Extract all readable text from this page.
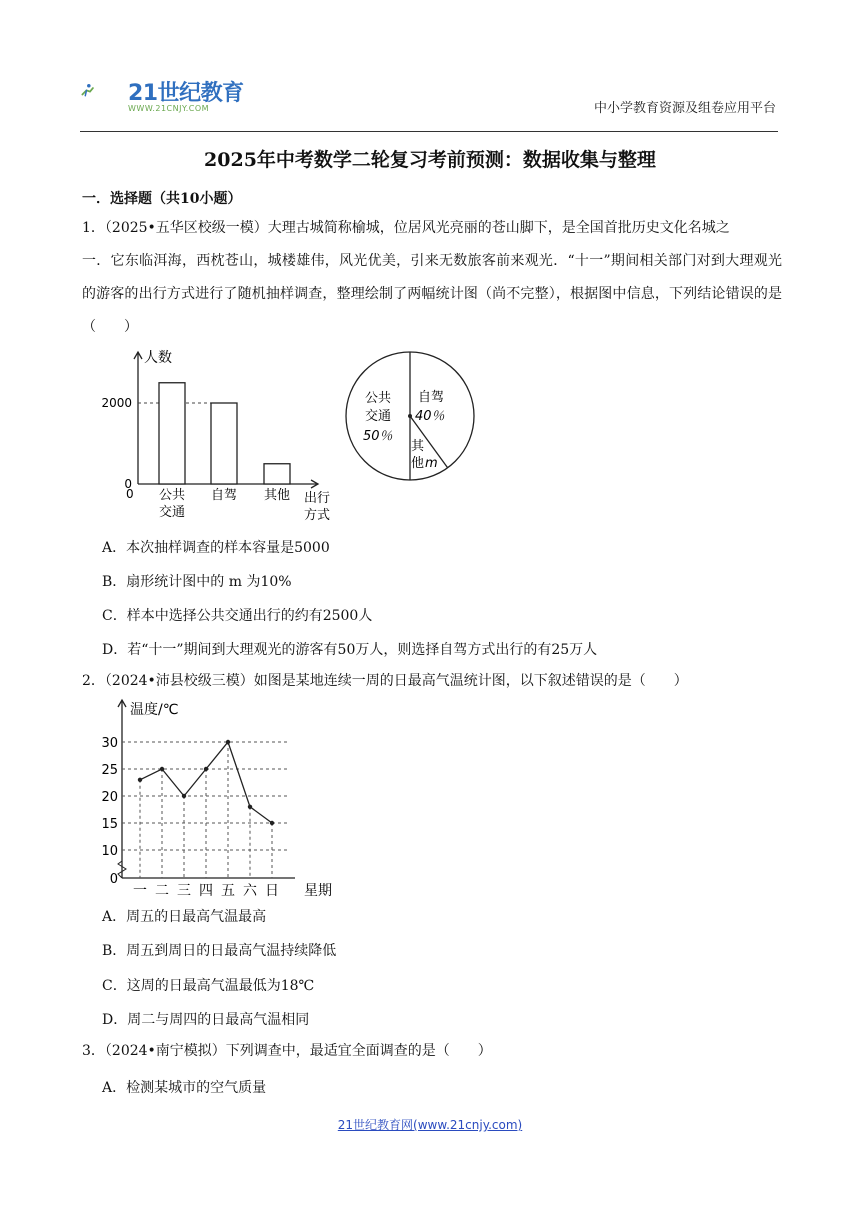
21世纪教育
WWW.21CNJY.COM	中小学教育资源及组卷应用平台
2025年中考数学二轮复习考前预测：数据收集与整理
一．选择题（共10小题）
1．（2025•五华区校级一模）大理古城简称榆城，位居风光亮丽的苍山脚下，是全国首批历史文化名城之
一．它东临洱海，西枕苍山，城楼雄伟，风光优美，引来无数旅客前来观光．“十一”期间相关部门对到大理观光的游客的出行方式进行了随机抽样调查，整理绘制了两幅统计图（尚不完整），根据图中信息，下列结论错误的是（　　）
人数
0
2000
公共
交通
自驾 其他
0	出行
方式
公共
交通
50％
自驾
40％
其
他 m
A．本次抽样调查的样本容量是5000
B．扇形统计图中的 m 为10%
C．样本中选择公共交通出行的约有2500人
D．若“十一”期间到大理观光的游客有50万人，则选择自驾方式出行的有25万人
2．（2024•沛县校级三模）如图是某地连续一周的日最高气温统计图，以下叙述错误的是（　　）
温度/℃
0
10
15
20
25
30
一 二 三 四 五 六 日 星期
A．周五的日最高气温最高
B．周五到周日的日最高气温持续降低
C．这周的日最高气温最低为18℃
D．周二与周四的日最高气温相同
3．（2024•南宁模拟）下列调查中，最适宜全面调查的是（　　）
A．检测某城市的空气质量
21世纪教育网(www.21cnjy.com)
